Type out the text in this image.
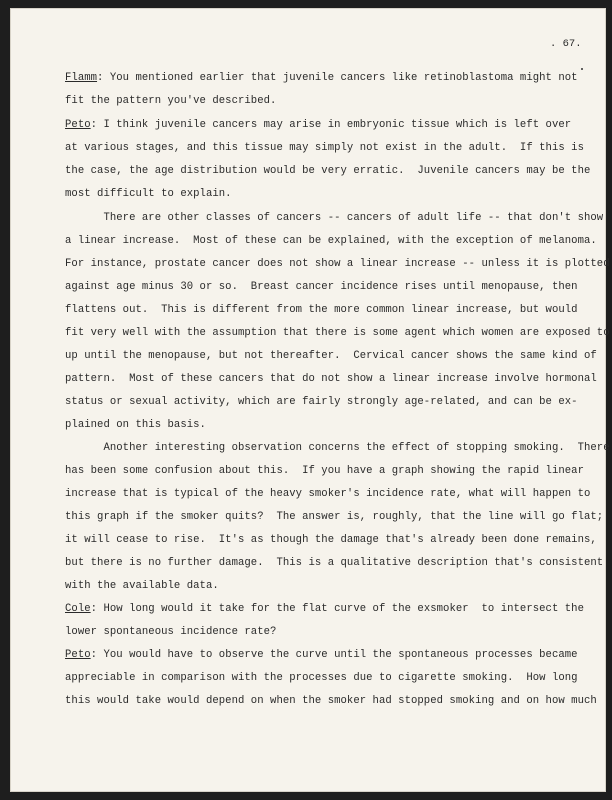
. 67.
Flamm: You mentioned earlier that juvenile cancers like retinoblastoma might not
fit the pattern you've described.
Peto: I think juvenile cancers may arise in embryonic tissue which is left over
at various stages, and this tissue may simply not exist in the adult.  If this is
the case, the age distribution would be very erratic.  Juvenile cancers may be the
most difficult to explain.
There are other classes of cancers -- cancers of adult life -- that don't show
a linear increase.  Most of these can be explained, with the exception of melanoma.
For instance, prostate cancer does not show a linear increase -- unless it is plotted
against age minus 30 or so.  Breast cancer incidence rises until menopause, then
flattens out.  This is different from the more common linear increase, but would
fit very well with the assumption that there is some agent which women are exposed to
up until the menopause, but not thereafter.  Cervical cancer shows the same kind of
pattern.  Most of these cancers that do not show a linear increase involve hormonal
status or sexual activity, which are fairly strongly age-related, and can be ex-
plained on this basis.
Another interesting observation concerns the effect of stopping smoking.  There
has been some confusion about this.  If you have a graph showing the rapid linear
increase that is typical of the heavy smoker's incidence rate, what will happen to
this graph if the smoker quits?  The answer is, roughly, that the line will go flat;
it will cease to rise.  It's as though the damage that's already been done remains,
but there is no further damage.  This is a qualitative description that's consistent
with the available data.
Cole: How long would it take for the flat curve of the exsmoker  to intersect the
lower spontaneous incidence rate?
Peto: You would have to observe the curve until the spontaneous processes became
appreciable in comparison with the processes due to cigarette smoking.  How long
this would take would depend on when the smoker had stopped smoking and on how much
